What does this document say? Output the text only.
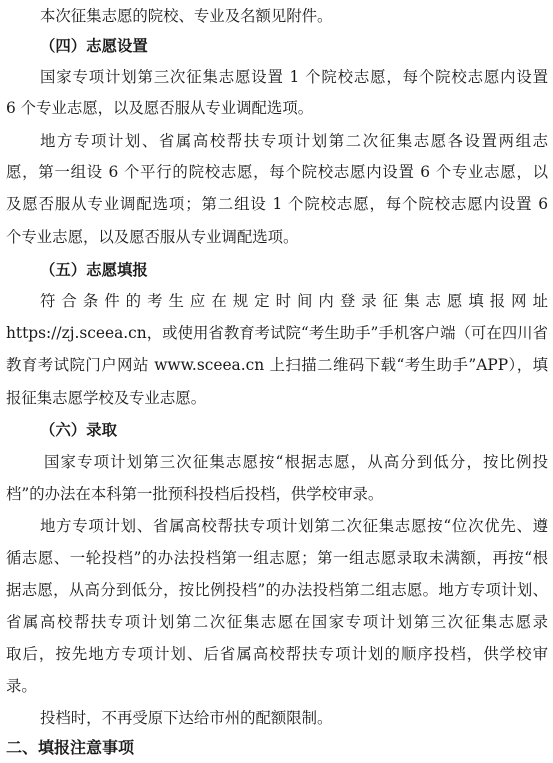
本次征集志愿的院校、专业及名额见附件。
（四）志愿设置
国家专项计划第三次征集志愿设置 1 个院校志愿，每个院校志愿内设置
6 个专业志愿，以及愿否服从专业调配选项。
地方专项计划、省属高校帮扶专项计划第二次征集志愿各设置两组志
愿，第一组设 6 个平行的院校志愿，每个院校志愿内设置 6 个专业志愿，以
及愿否服从专业调配选项；第二组设 1 个院校志愿，每个院校志愿内设置 6
个专业志愿，以及愿否服从专业调配选项。
（五）志愿填报
符合条件的考生应在规定时间内登录征集志愿填报网址
https://zj.sceea.cn，或使用省教育考试院“考生助手”手机客户端（可在四川省
教育考试院门户网站 www.sceea.cn 上扫描二维码下载“考生助手”APP），填
报征集志愿学校及专业志愿。
（六）录取
国家专项计划第三次征集志愿按“根据志愿，从高分到低分，按比例投
档”的办法在本科第一批预科投档后投档，供学校审录。
地方专项计划、省属高校帮扶专项计划第二次征集志愿按“位次优先、遵
循志愿、一轮投档”的办法投档第一组志愿；第一组志愿录取未满额，再按“根
据志愿，从高分到低分，按比例投档”的办法投档第二组志愿。地方专项计划、
省属高校帮扶专项计划第二次征集志愿在国家专项计划第三次征集志愿录
取后，按先地方专项计划、后省属高校帮扶专项计划的顺序投档，供学校审
录。
投档时，不再受原下达给市州的配额限制。
二、填报注意事项
